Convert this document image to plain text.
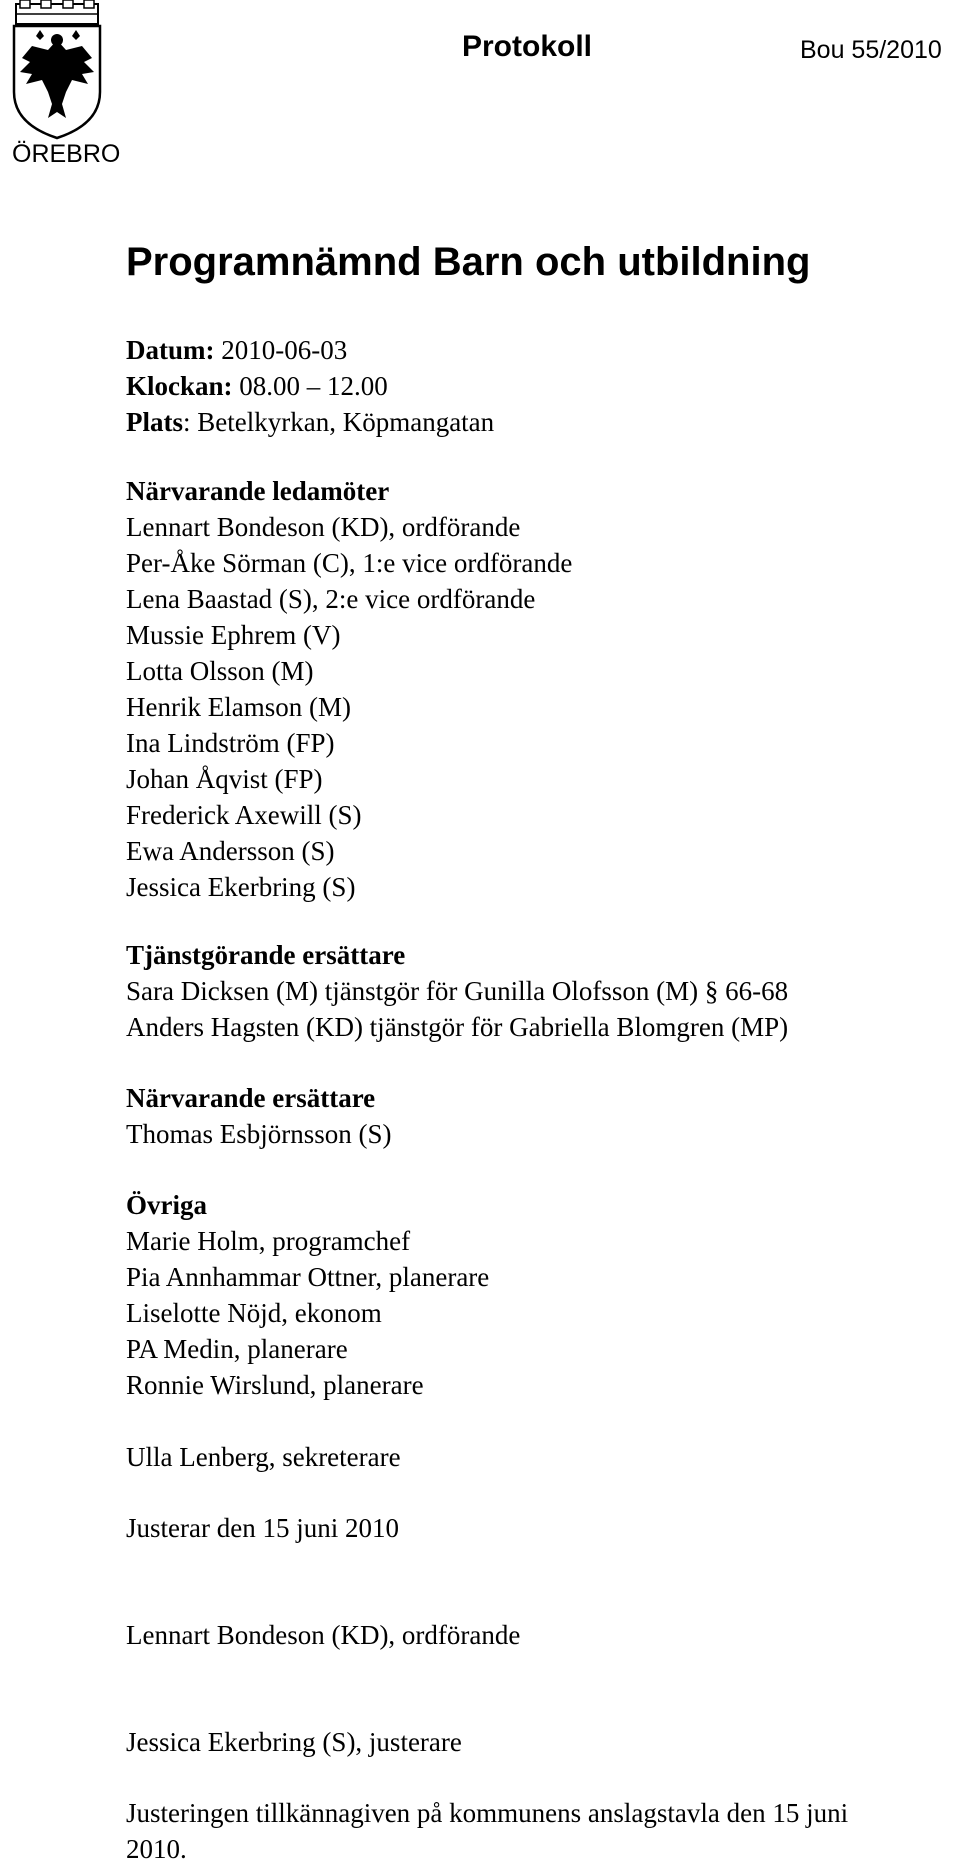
ÖREBRO
Protokoll	Bou 55/2010
Programnämnd Barn och utbildning
Datum: 2010-06-03
Klockan: 08.00 – 12.00
Plats: Betelkyrkan, Köpmangatan
Närvarande ledamöter
Lennart Bondeson (KD), ordförande
Per-Åke Sörman (C), 1:e vice ordförande
Lena Baastad (S), 2:e vice ordförande
Mussie Ephrem (V)
Lotta Olsson (M)
Henrik Elamson (M)
Ina Lindström (FP)
Johan Åqvist (FP)
Frederick Axewill (S)
Ewa Andersson (S)
Jessica Ekerbring (S)
Tjänstgörande ersättare
Sara Dicksen (M) tjänstgör för Gunilla Olofsson (M) § 66-68
Anders Hagsten (KD) tjänstgör för Gabriella Blomgren (MP)
Närvarande ersättare
Thomas Esbjörnsson (S)
Övriga
Marie Holm, programchef
Pia Annhammar Ottner, planerare
Liselotte Nöjd, ekonom
PA Medin, planerare
Ronnie Wirslund, planerare
Ulla Lenberg, sekreterare
Justerar den 15 juni 2010
Lennart Bondeson (KD), ordförande
Jessica Ekerbring (S), justerare
Justeringen tillkännagiven på kommunens anslagstavla den 15 juni
2010.
